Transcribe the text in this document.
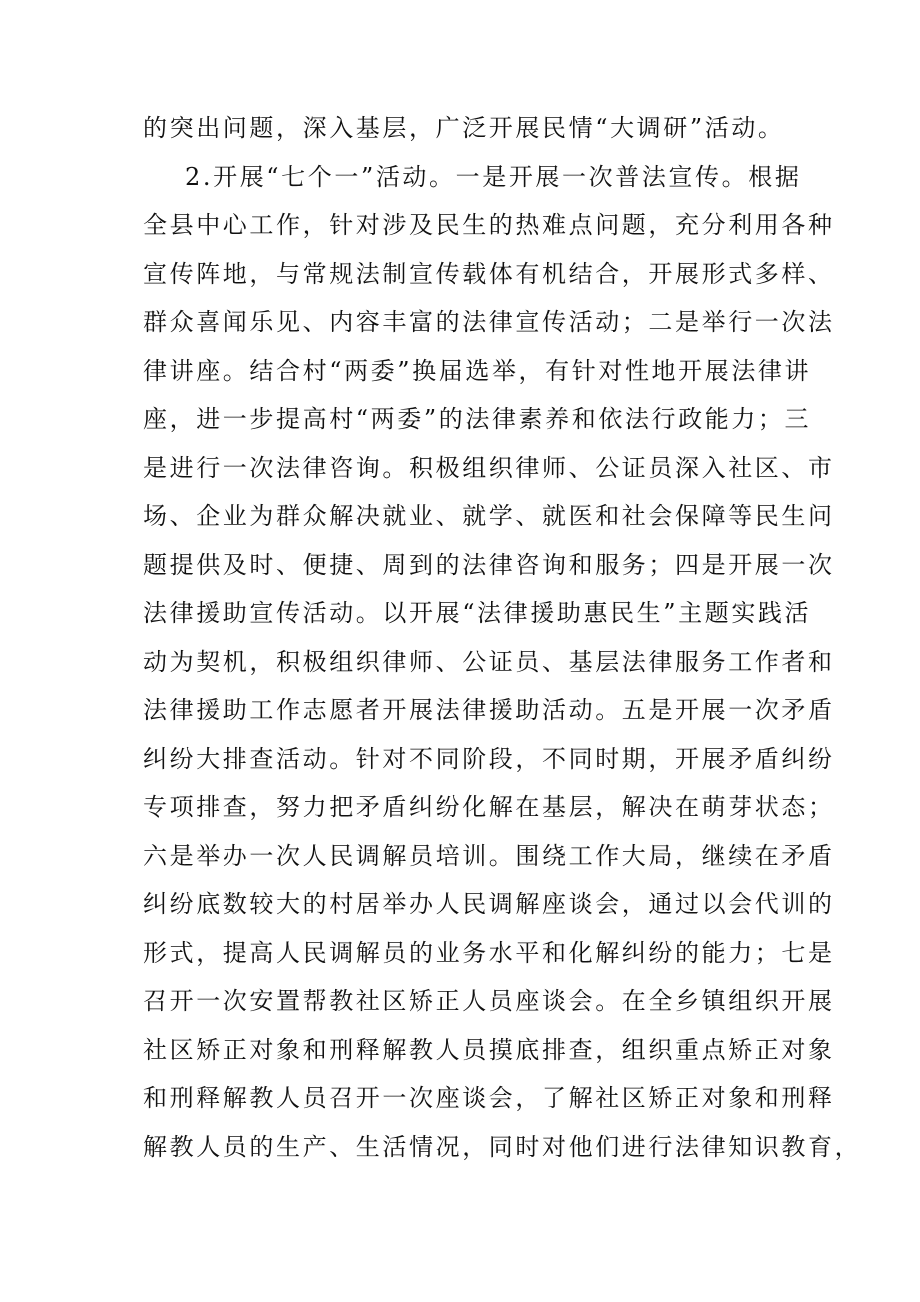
的突出问题，深入基层，广泛开展民情“大调研”活动。
2.开展“七个一”活动。一是开展一次普法宣传。根据
全县中心工作，针对涉及民生的热难点问题，充分利用各种
宣传阵地，与常规法制宣传载体有机结合，开展形式多样、
群众喜闻乐见、内容丰富的法律宣传活动；二是举行一次法
律讲座。结合村“两委”换届选举，有针对性地开展法律讲
座，进一步提高村“两委”的法律素养和依法行政能力；三
是进行一次法律咨询。积极组织律师、公证员深入社区、市
场、企业为群众解决就业、就学、就医和社会保障等民生问
题提供及时、便捷、周到的法律咨询和服务；四是开展一次
法律援助宣传活动。以开展“法律援助惠民生”主题实践活
动为契机，积极组织律师、公证员、基层法律服务工作者和
法律援助工作志愿者开展法律援助活动。五是开展一次矛盾
纠纷大排查活动。针对不同阶段，不同时期，开展矛盾纠纷
专项排查，努力把矛盾纠纷化解在基层，解决在萌芽状态；
六是举办一次人民调解员培训。围绕工作大局，继续在矛盾
纠纷底数较大的村居举办人民调解座谈会，通过以会代训的
形式，提高人民调解员的业务水平和化解纠纷的能力；七是
召开一次安置帮教社区矫正人员座谈会。在全乡镇组织开展
社区矫正对象和刑释解教人员摸底排查，组织重点矫正对象
和刑释解教人员召开一次座谈会，了解社区矫正对象和刑释
解教人员的生产、生活情况，同时对他们进行法律知识教育，
